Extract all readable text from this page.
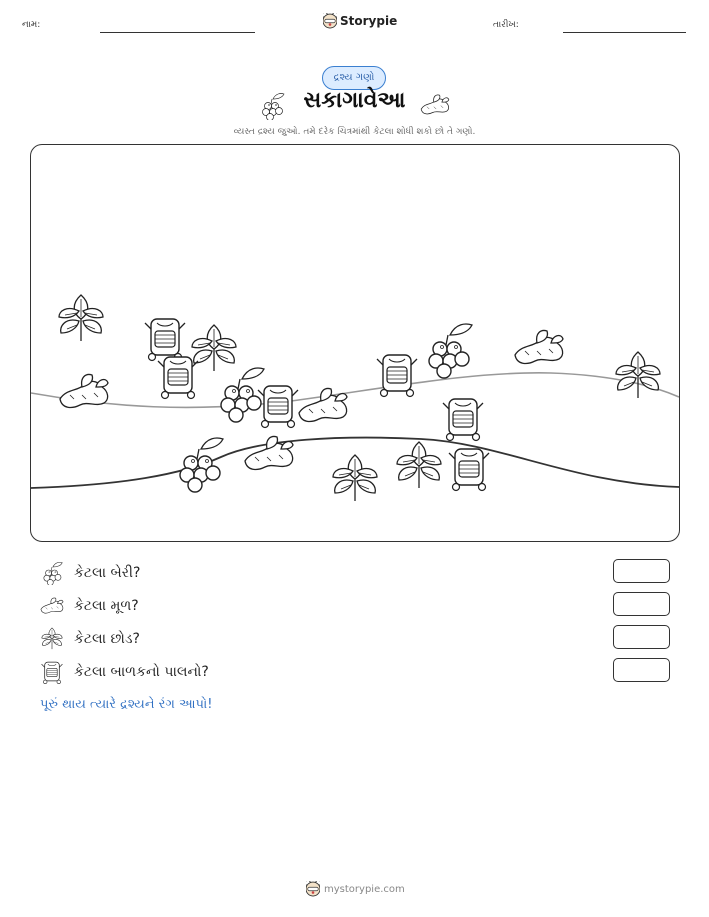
નામ:	Storypie	તારીખ:
દ્રશ્ય ગણો
સકાગાવેઆ
વ્યસ્ત દ્રશ્ય જુઓ. તમે દરેક ચિત્રમાંથી કેટલા શોધી શકો છો તે ગણો.
કેટલા બેરી?
કેટલા મૂળ?
કેટલા છોડ?
કેટલા બાળકનો પાલનો?
પૂરું થાય ત્યારે દ્રશ્યને રંગ આપો!
mystorypie.com
